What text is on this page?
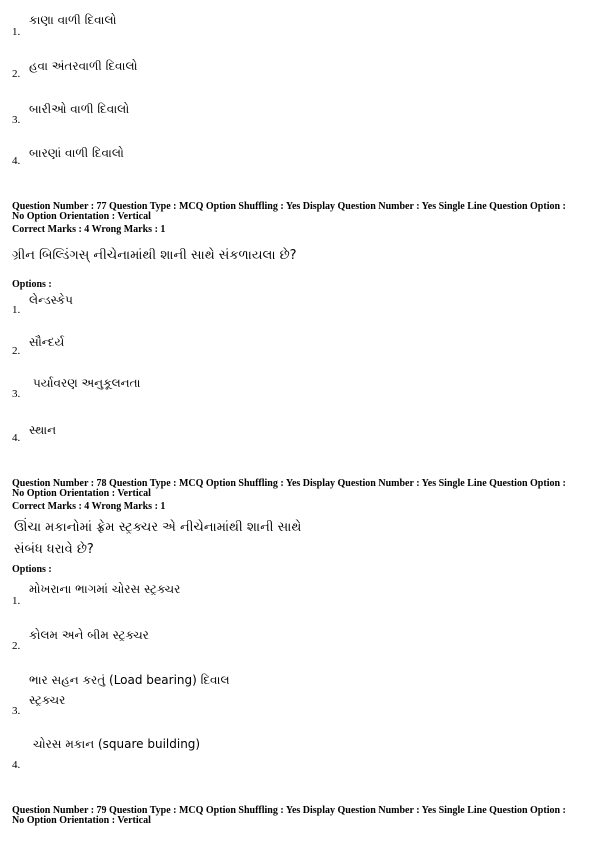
કાણા વાળી દિવાલો
1.
હવા અંતરવાળી દિવાલો
2.
બારીઓ વાળી દિવાલો
3.
બારણાં વાળી દિવાલો
4.
Question Number : 77 Question Type : MCQ Option Shuffling : Yes Display Question Number : Yes Single Line Question Option :
No Option Orientation : Vertical
Correct Marks : 4 Wrong Marks : 1
ગ્રીન બિલ્ડિંગસ્ નીચેનામાંથી શાની સાથે સંકળાયલા છે?
Options :
લેન્ડસ્કેપ
1.
સૌન્દર્ય
2.
પર્યાવરણ અનુકૂલનતા
3.
સ્થાન
4.
Question Number : 78 Question Type : MCQ Option Shuffling : Yes Display Question Number : Yes Single Line Question Option :
No Option Orientation : Vertical
Correct Marks : 4 Wrong Marks : 1
ઊંચા મકાનોમાં ફ્રેમ સ્ટ્રક્ચર એ નીચેનામાંથી શાની સાથે
સંબંધ ધરાવે છે?
Options :
મોખરાના ભાગમાં ચોરસ સ્ટ્રક્ચર
1.
કોલમ અને બીમ સ્ટ્રક્ચર
2.
ભાર સહન કરતું (Load bearing) દિવાલ
સ્ટ્રક્ચર
3.
ચોરસ મકાન (square building)
4.
Question Number : 79 Question Type : MCQ Option Shuffling : Yes Display Question Number : Yes Single Line Question Option :
No Option Orientation : Vertical
